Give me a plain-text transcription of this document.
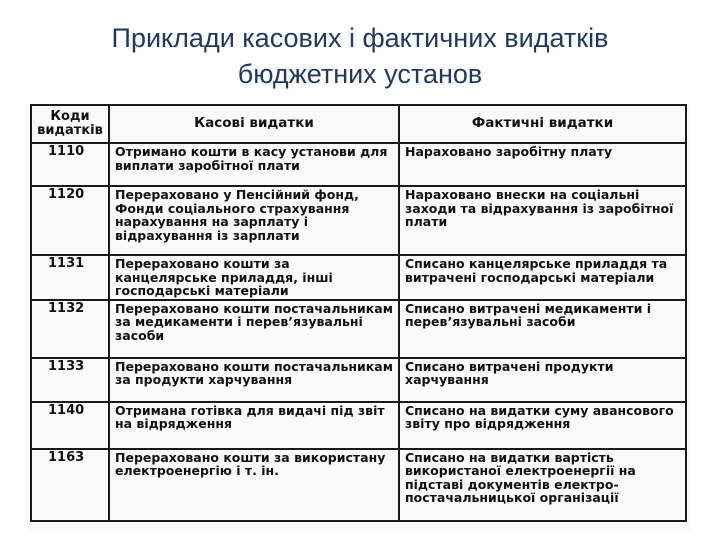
Приклади касових і фактичних видатків
бюджетних установ
Коди
видатків	Касові видатки	Фактичні видатки
1110	Отримано кошти в касу установи для виплати заробітної плати	Нараховано заробітну плату
1120	Перераховано у Пенсійний фонд, Фонди соціального страхування нарахування на зарплату і відрахування із зарплати	Нараховано внески на соціальні заходи та відрахування із заробітної плати
1131	Перераховано кошти за канцелярське приладдя, інші господарські матеріали	Списано канцелярське приладдя та витрачені господарські матеріали
1132	Перераховано кошти постачальникам за медикаменти і перев’язувальні засоби	Списано витрачені медикаменти і перев’язувальні засоби
1133	Перераховано кошти постачальникам за продукти харчування	Списано витрачені продукти харчування
1140	Отримана готівка для видачі під звіт на відрядження	Списано на видатки суму авансового звіту про відрядження
1163	Перераховано кошти за використану електроенергію і т. ін.	Списано на видатки вартість використаної електроенергії на підставі документів електро-постачальницької організації
